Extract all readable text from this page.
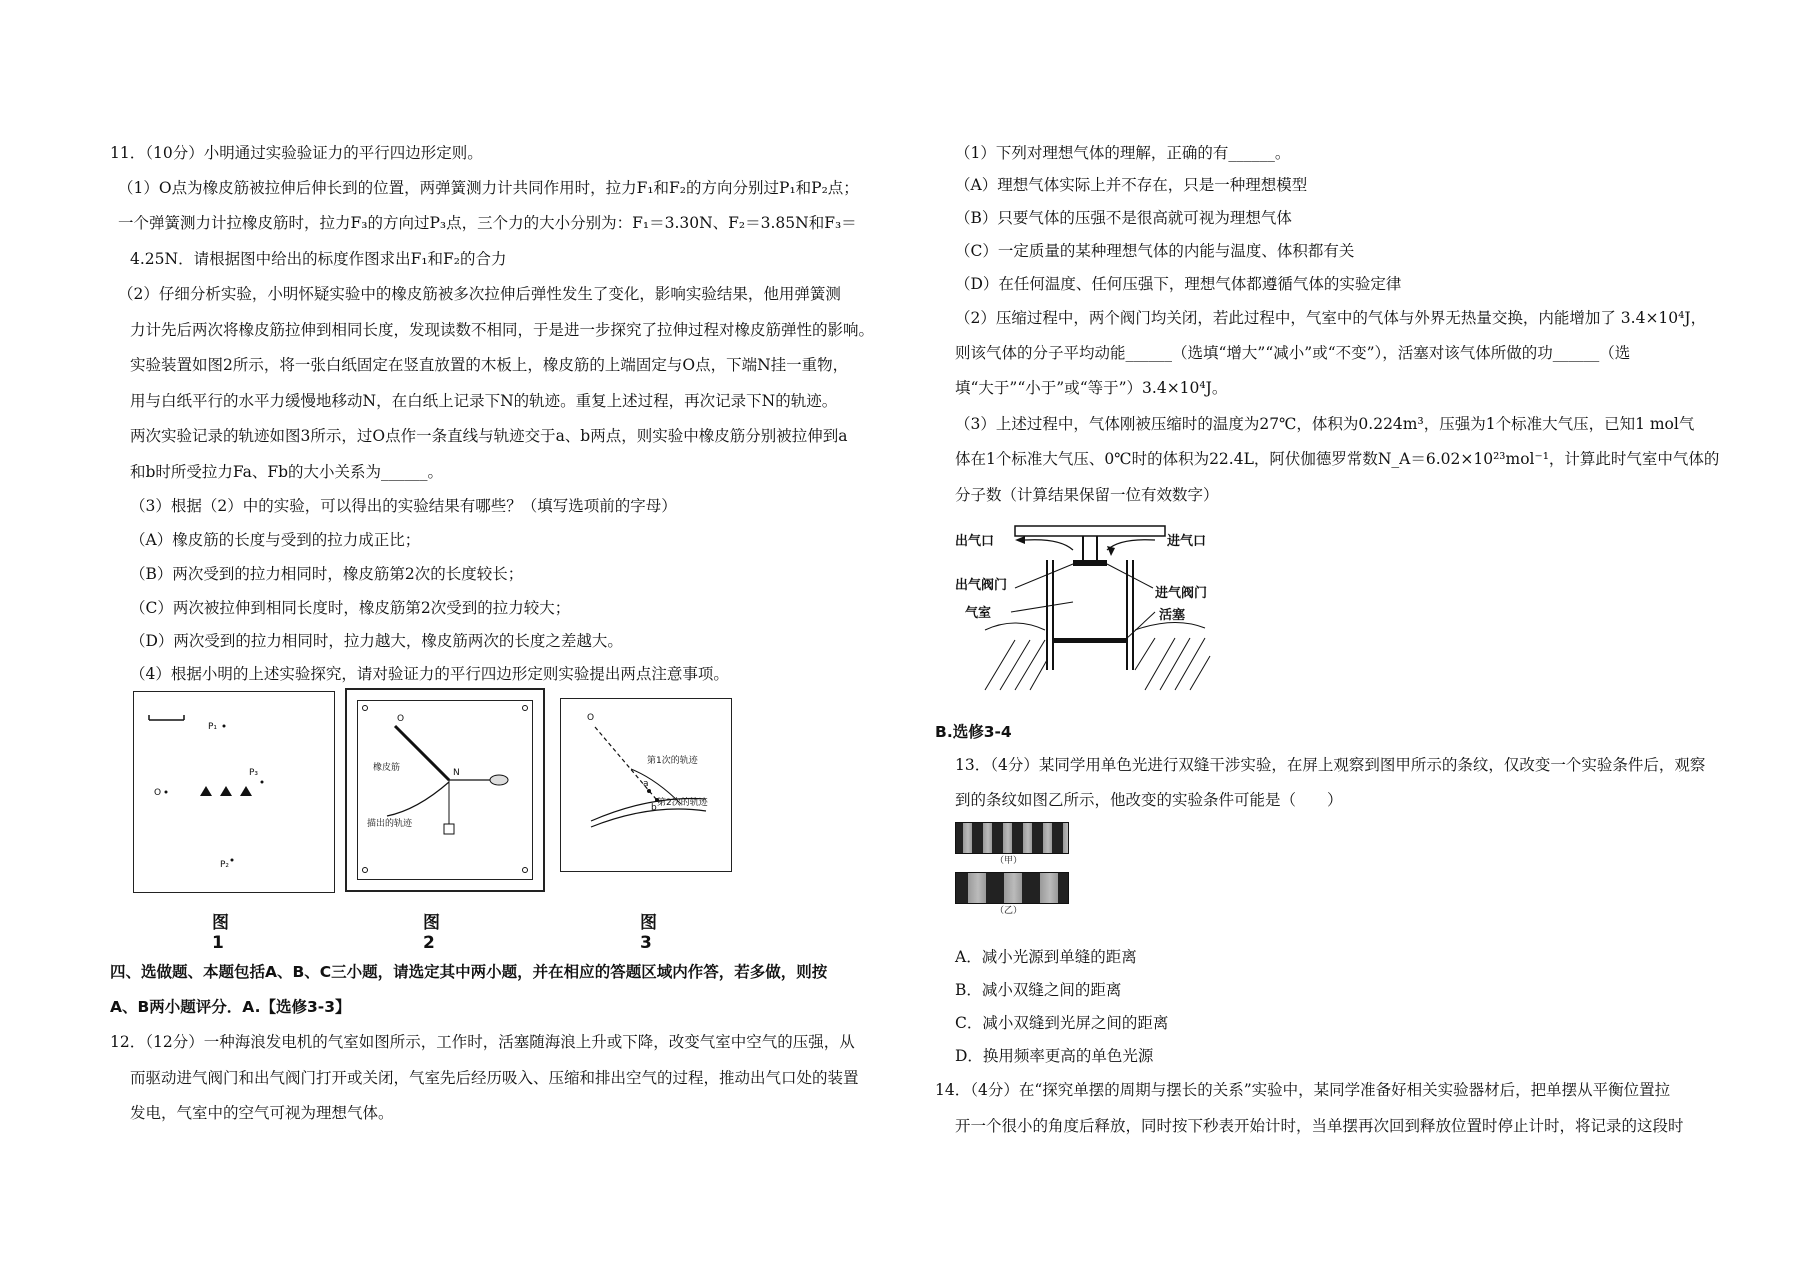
11．（10分）小明通过实验验证力的平行四边形定则。
（1）O点为橡皮筋被拉伸后伸长到的位置，两弹簧测力计共同作用时，拉力F₁和F₂的方向分别过P₁和P₂点；
一个弹簧测力计拉橡皮筋时，拉力F₃的方向过P₃点，三个力的大小分别为：F₁＝3.30N、F₂＝3.85N和F₃＝
4.25N．请根据图中给出的标度作图求出F₁和F₂的合力
（2）仔细分析实验，小明怀疑实验中的橡皮筋被多次拉伸后弹性发生了变化，影响实验结果，他用弹簧测
力计先后两次将橡皮筋拉伸到相同长度，发现读数不相同，于是进一步探究了拉伸过程对橡皮筋弹性的影响。
实验装置如图2所示，将一张白纸固定在竖直放置的木板上，橡皮筋的上端固定与O点，下端N挂一重物，
用与白纸平行的水平力缓慢地移动N，在白纸上记录下N的轨迹。重复上述过程，再次记录下N的轨迹。
两次实验记录的轨迹如图3所示，过O点作一条直线与轨迹交于a、b两点，则实验中橡皮筋分别被拉伸到a
和b时所受拉力Fa、Fb的大小关系为______。
（3）根据（2）中的实验，可以得出的实验结果有哪些？（填写选项前的字母）
（A）橡皮筋的长度与受到的拉力成正比；
（B）两次受到的拉力相同时，橡皮筋第2次的长度较长；
（C）两次被拉伸到相同长度时，橡皮筋第2次受到的拉力较大；
（D）两次受到的拉力相同时，拉力越大，橡皮筋两次的长度之差越大。
（4）根据小明的上述实验探究，请对验证力的平行四边形定则实验提出两点注意事项。
P₁
P₃
O
P₂
O
N
橡皮筋
描出的轨迹
O
第1次的轨迹
第2次的轨迹
a
b
图1
图2
图3
四、选做题、本题包括A、B、C三小题，请选定其中两小题，并在相应的答题区域内作答，若多做，则按
A、B两小题评分．A.【选修3-3】
12．（12分）一种海浪发电机的气室如图所示，工作时，活塞随海浪上升或下降，改变气室中空气的压强，从
而驱动进气阀门和出气阀门打开或关闭，气室先后经历吸入、压缩和排出空气的过程，推动出气口处的装置
发电，气室中的空气可视为理想气体。
（1）下列对理想气体的理解，正确的有______。
（A）理想气体实际上并不存在，只是一种理想模型
（B）只要气体的压强不是很高就可视为理想气体
（C）一定质量的某种理想气体的内能与温度、体积都有关
（D）在任何温度、任何压强下，理想气体都遵循气体的实验定律
（2）压缩过程中，两个阀门均关闭，若此过程中，气室中的气体与外界无热量交换，内能增加了 3.4×10⁴J，
则该气体的分子平均动能______（选填“增大”“减小”或“不变”），活塞对该气体所做的功______（选
填“大于”“小于”或“等于”）3.4×10⁴J。
（3）上述过程中，气体刚被压缩时的温度为27℃，体积为0.224m³，压强为1个标准大气压，已知1 mol气
体在1个标准大气压、0℃时的体积为22.4L，阿伏伽德罗常数N_A＝6.02×10²³mol⁻¹，计算此时气室中气体的
分子数（计算结果保留一位有效数字）
出气口	进气口
出气阀门
进气阀门
气室	活塞
B.选修3-4
13．（4分）某同学用单色光进行双缝干涉实验，在屏上观察到图甲所示的条纹，仅改变一个实验条件后，观察
到的条纹如图乙所示，他改变的实验条件可能是（　　）
（甲）
（乙）
A．减小光源到单缝的距离
B．减小双缝之间的距离
C．减小双缝到光屏之间的距离
D．换用频率更高的单色光源
14．（4分）在“探究单摆的周期与摆长的关系”实验中，某同学准备好相关实验器材后，把单摆从平衡位置拉
开一个很小的角度后释放，同时按下秒表开始计时，当单摆再次回到释放位置时停止计时，将记录的这段时
